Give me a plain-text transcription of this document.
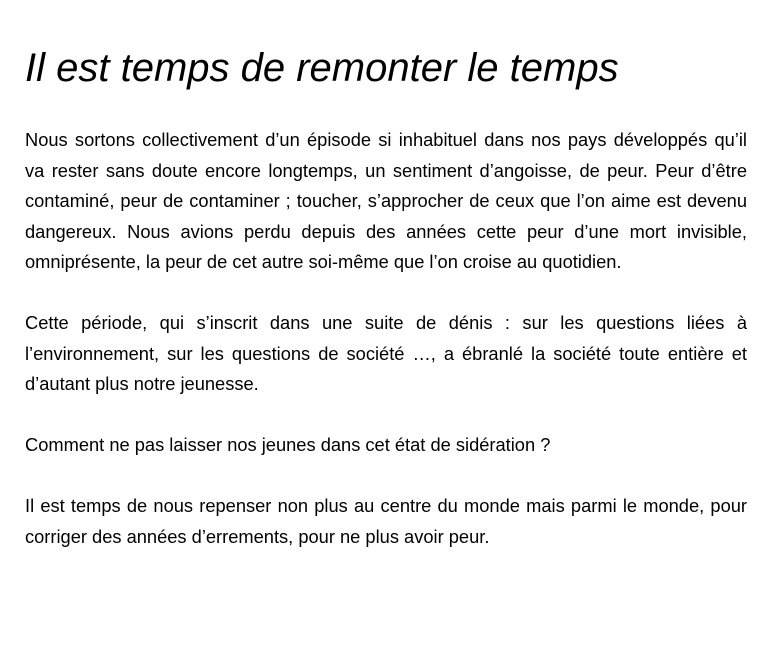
Il est temps de remonter le temps

Nous sortons collectivement d’un épisode si inhabituel dans nos pays développés qu’il va rester sans doute encore longtemps, un sentiment d’angoisse, de peur. Peur d’être contaminé, peur de contaminer ; toucher, s’approcher de ceux que l’on aime est devenu dangereux. Nous avions perdu depuis des années cette peur d’une mort invisible, omniprésente, la peur de cet autre soi-même que l’on croise au quotidien.

Cette période, qui s’inscrit dans une suite de dénis : sur les questions liées à l’environnement, sur les questions de société …, a ébranlé la société toute entière et d’autant plus notre jeunesse.

Comment ne pas laisser nos jeunes dans cet état de sidération ?

Il est temps de nous repenser non plus au centre du monde mais parmi le monde, pour corriger des années d’errements, pour ne plus avoir peur.
